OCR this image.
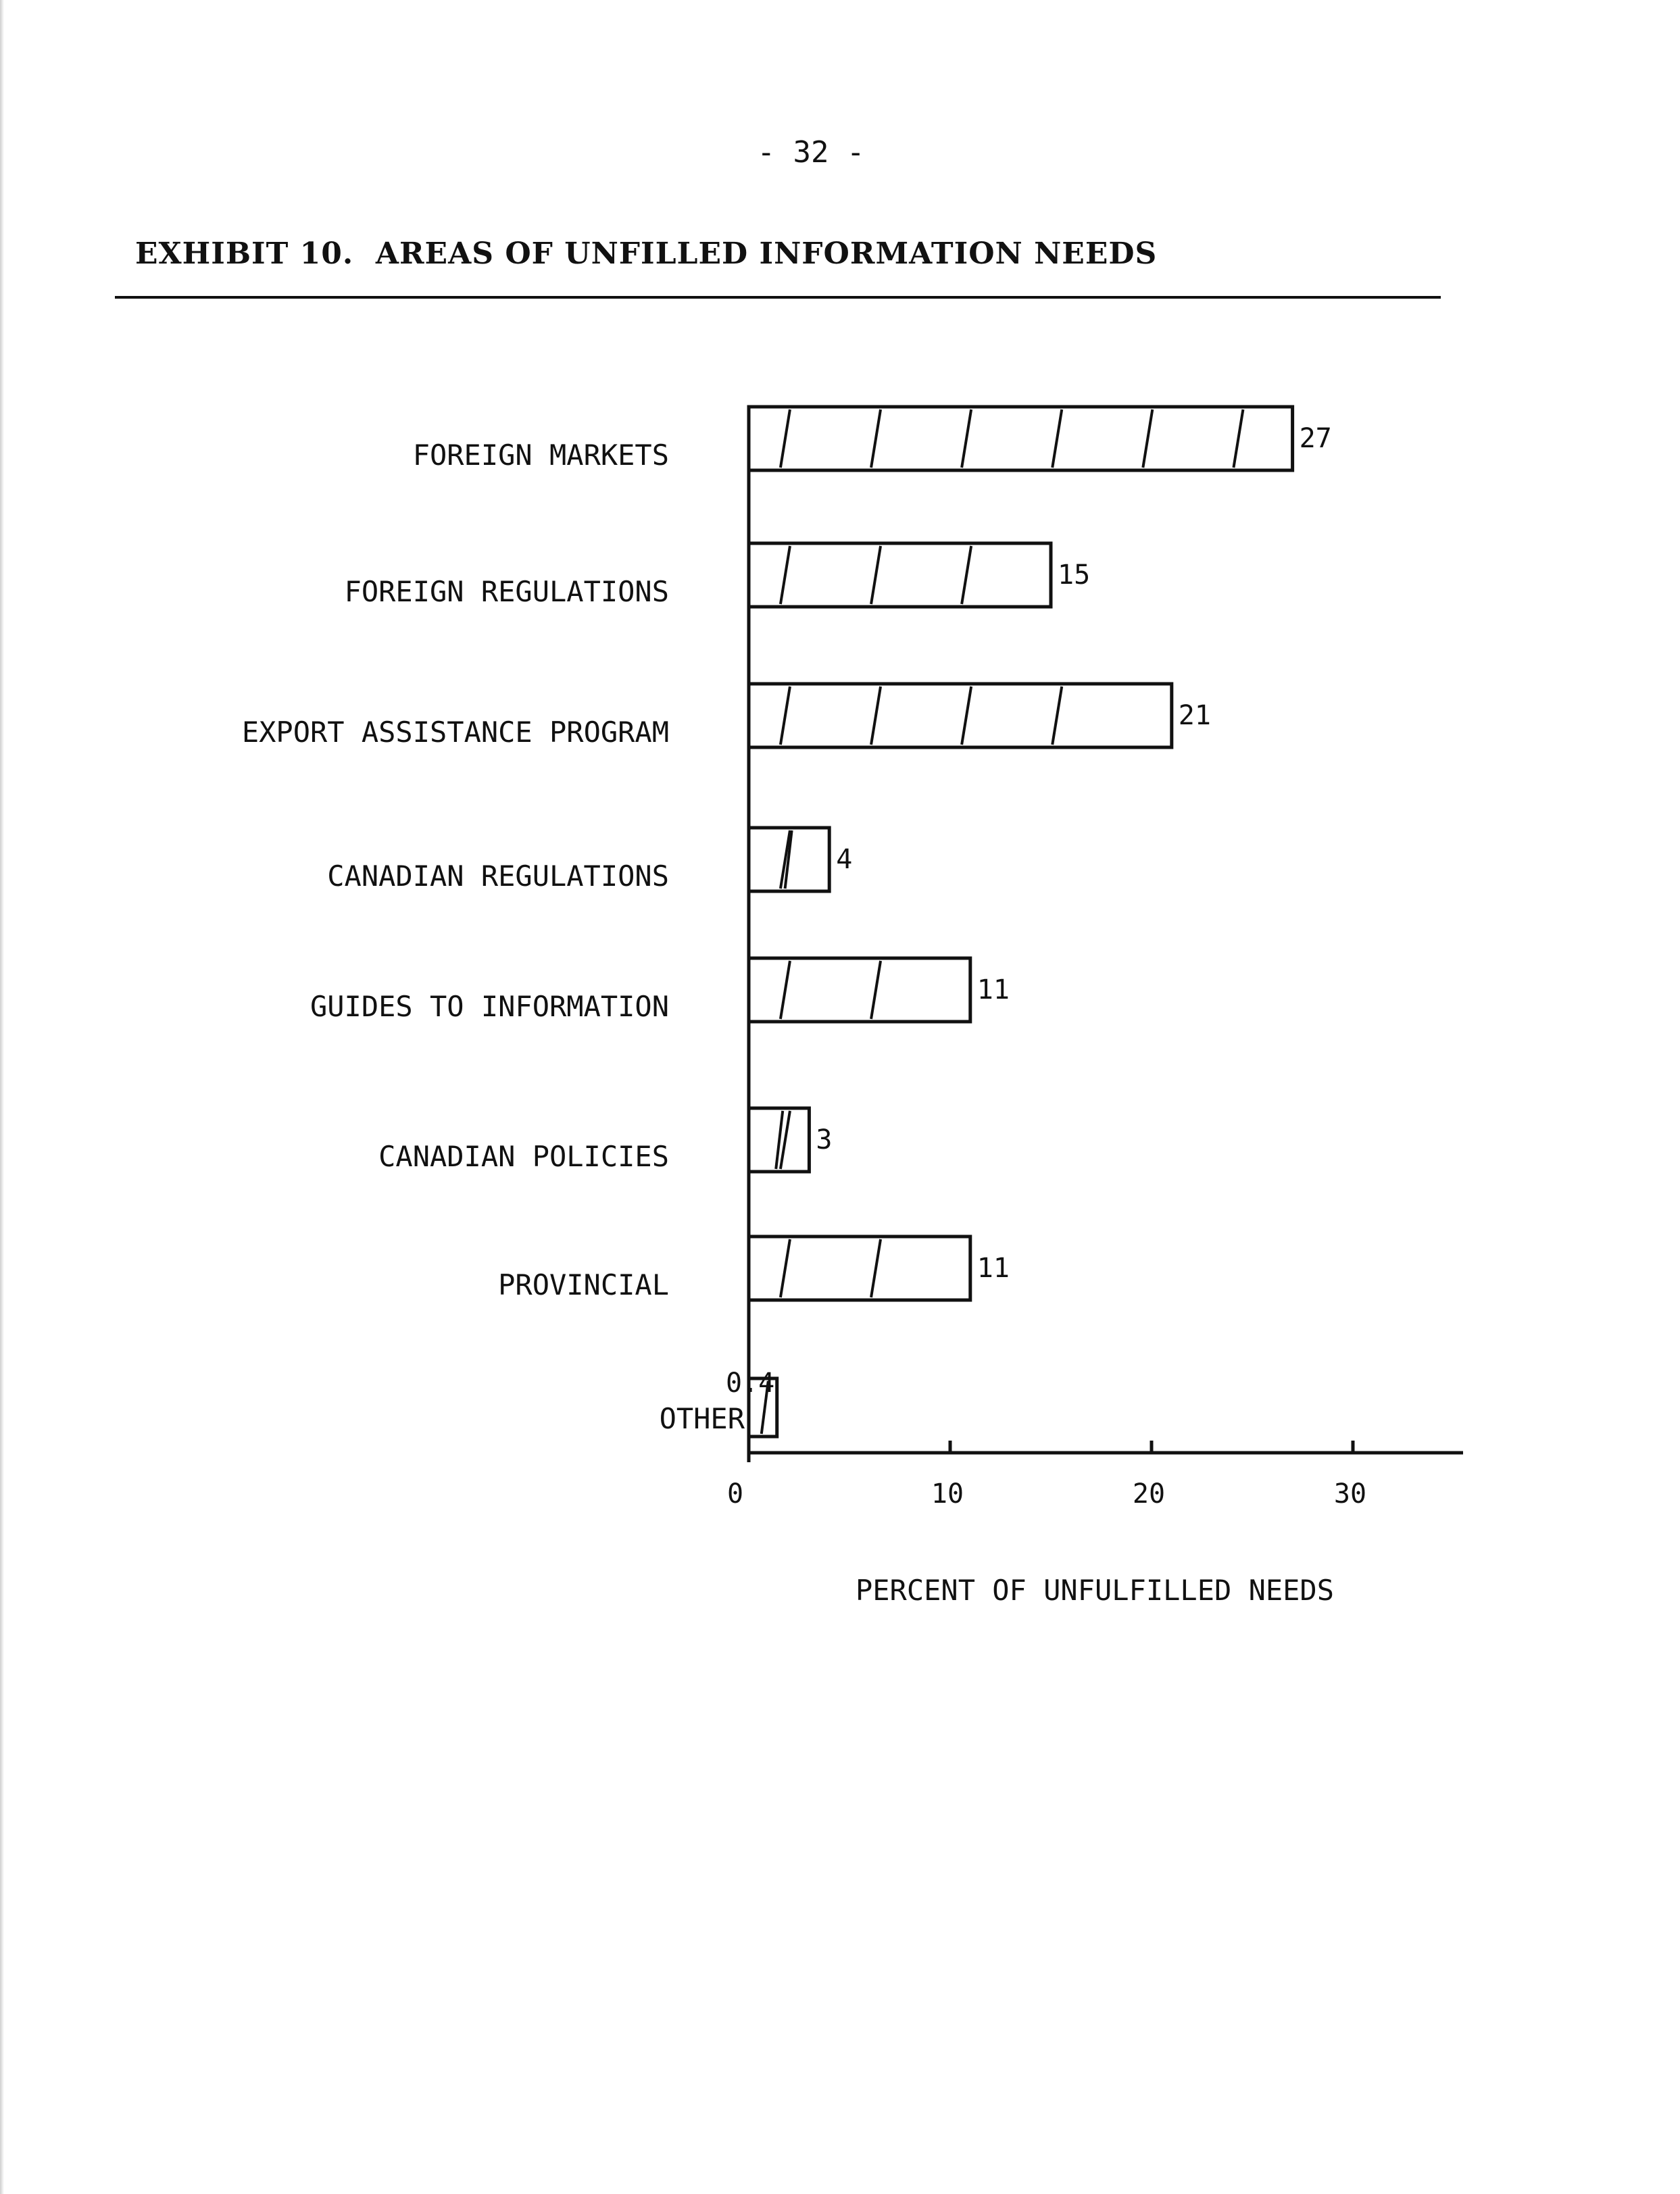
- 32 -
EXHIBIT 10.  AREAS OF UNFILLED INFORMATION NEEDS
0	10	20	30
PERCENT OF UNFULFILLED NEEDS
27
FOREIGN MARKETS
15
FOREIGN REGULATIONS
21
EXPORT ASSISTANCE PROGRAM
4
CANADIAN REGULATIONS
11
GUIDES TO INFORMATION
3
CANADIAN POLICIES
11
PROVINCIAL
0.4
OTHER
